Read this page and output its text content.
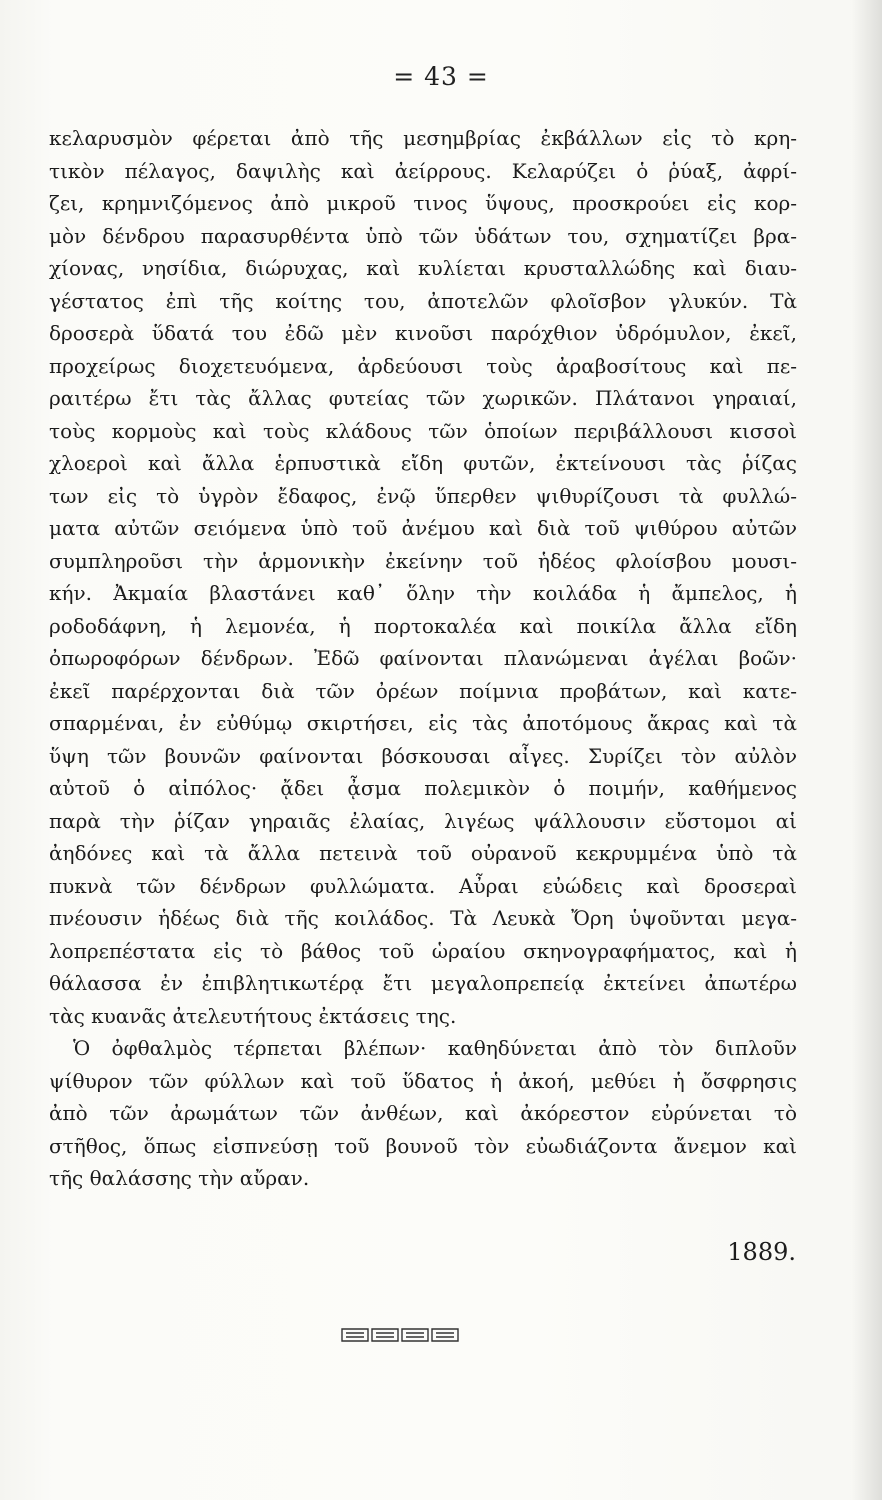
= 43 =
κελαρυσμὸν φέρεται ἀπὸ τῆς μεσημβρίας ἐκβάλλων εἰς τὸ κρη-
τικὸν πέλαγος, δαψιλὴς καὶ ἀείρρους. Κελαρύζει ὁ ῥύαξ, ἀφρί-
ζει, κρημνιζόμενος ἀπὸ μικροῦ τινος ὕψους, προσκρούει εἰς κορ-
μὸν δένδρου παρασυρθέντα ὑπὸ τῶν ὑδάτων του, σχηματίζει βρα-
χίονας, νησίδια, διώρυχας, καὶ κυλίεται κρυσταλλώδης καὶ διαυ-
γέστατος ἐπὶ τῆς κοίτης του, ἀποτελῶν φλοῖσβον γλυκύν. Τὰ
δροσερὰ ὕδατά του ἐδῶ μὲν κινοῦσι παρόχθιον ὑδρόμυλον, ἐκεῖ,
προχείρως διοχετευόμενα, ἀρδεύουσι τοὺς ἀραβοσίτους καὶ πε-
ραιτέρω ἔτι τὰς ἄλλας φυτείας τῶν χωρικῶν. Πλάτανοι γηραιαί,
τοὺς κορμοὺς καὶ τοὺς κλάδους τῶν ὁποίων περιβάλλουσι κισσοὶ
χλοεροὶ καὶ ἄλλα ἑρπυστικὰ εἴδη φυτῶν, ἐκτείνουσι τὰς ῥίζας
των εἰς τὸ ὑγρὸν ἔδαφος, ἐνῷ ὕπερθεν ψιθυρίζουσι τὰ φυλλώ-
ματα αὐτῶν σειόμενα ὑπὸ τοῦ ἀνέμου καὶ διὰ τοῦ ψιθύρου αὐτῶν
συμπληροῦσι τὴν ἁρμονικὴν ἐκείνην τοῦ ἡδέος φλοίσβου μουσι-
κήν. Ἀκμαία βλαστάνει καθ᾽ ὅλην τὴν κοιλάδα ἡ ἄμπελος, ἡ
ροδοδάφνη, ἡ λεμονέα, ἡ πορτοκαλέα καὶ ποικίλα ἄλλα εἴδη
ὀπωροφόρων δένδρων. Ἐδῶ φαίνονται πλανώμεναι ἀγέλαι βοῶν·
ἐκεῖ παρέρχονται διὰ τῶν ὀρέων ποίμνια προβάτων, καὶ κατε-
σπαρμέναι, ἐν εὐθύμῳ σκιρτήσει, εἰς τὰς ἀποτόμους ἄκρας καὶ τὰ
ὕψη τῶν βουνῶν φαίνονται βόσκουσαι αἶγες. Συρίζει τὸν αὐλὸν
αὐτοῦ ὁ αἰπόλος· ᾄδει ᾆσμα πολεμικὸν ὁ ποιμήν, καθήμενος
παρὰ τὴν ῥίζαν γηραιᾶς ἐλαίας, λιγέως ψάλλουσιν εὔστομοι αἱ
ἀηδόνες καὶ τὰ ἄλλα πετεινὰ τοῦ οὐρανοῦ κεκρυμμένα ὑπὸ τὰ
πυκνὰ τῶν δένδρων φυλλώματα. Αὖραι εὐώδεις καὶ δροσεραὶ
πνέουσιν ἡδέως διὰ τῆς κοιλάδος. Τὰ Λευκὰ Ὄρη ὑψοῦνται μεγα-
λοπρεπέστατα εἰς τὸ βάθος τοῦ ὡραίου σκηνογραφήματος, καὶ ἡ
θάλασσα ἐν ἐπιβλητικωτέρᾳ ἔτι μεγαλοπρεπείᾳ ἐκτείνει ἀπωτέρω
τὰς κυανᾶς ἀτελευτήτους ἐκτάσεις της.
Ὁ ὀφθαλμὸς τέρπεται βλέπων· καθηδύνεται ἀπὸ τὸν διπλοῦν
ψίθυρον τῶν φύλλων καὶ τοῦ ὕδατος ἡ ἀκοή, μεθύει ἡ ὄσφρησις
ἀπὸ τῶν ἀρωμάτων τῶν ἀνθέων, καὶ ἀκόρεστον εὐρύνεται τὸ
στῆθος, ὅπως εἰσπνεύσῃ τοῦ βουνοῦ τὸν εὐωδιάζοντα ἄνεμον καὶ
τῆς θαλάσσης τὴν αὔραν.
1889.
